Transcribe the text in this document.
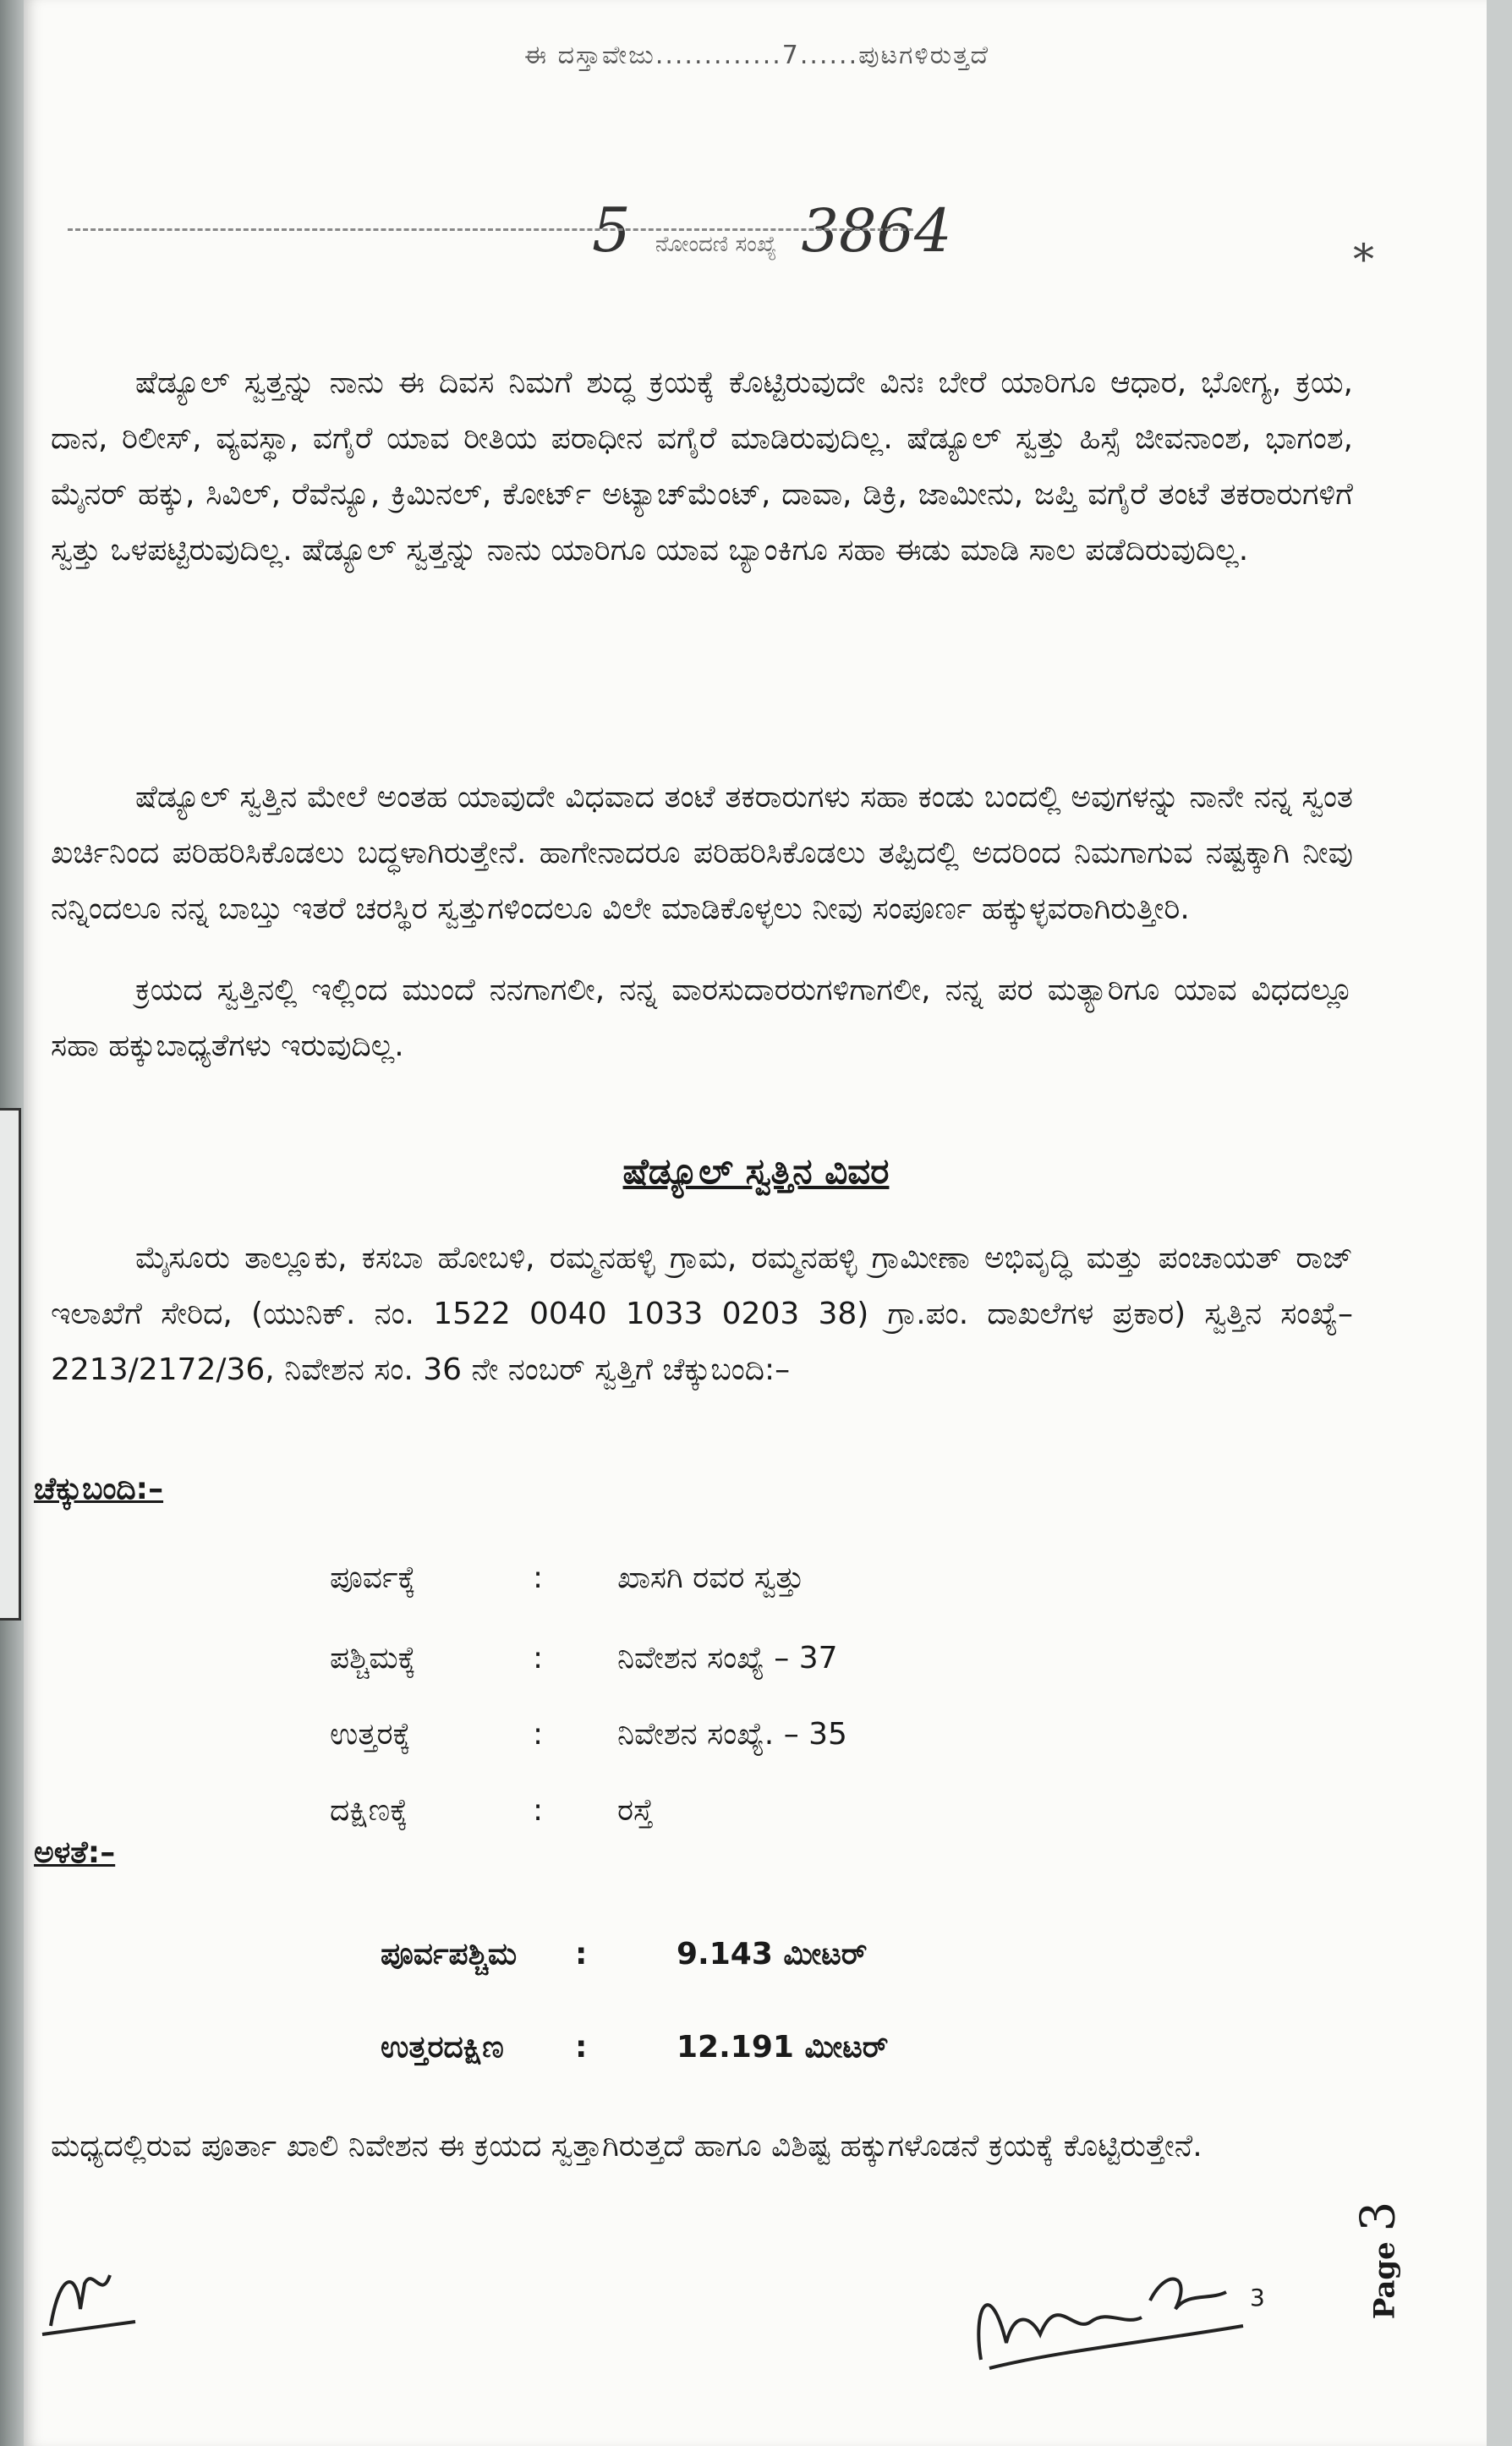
ಈ ದಸ್ತಾವೇಜು.............7......ಪುಟಗಳಿರುತ್ತದೆ
5 ನೋಂದಣಿ ಸಂಖ್ಯೆ 3864	*

ಷೆಡ್ಯೂಲ್ ಸ್ವತ್ತನ್ನು ನಾನು ಈ ದಿವಸ ನಿಮಗೆ ಶುದ್ಧ ಕ್ರಯಕ್ಕೆ ಕೊಟ್ಟಿರುವುದೇ ವಿನಃ ಬೇರೆ ಯಾರಿಗೂ ಆಧಾರ, ಭೋಗ್ಯ, ಕ್ರಯ, ದಾನ, ರಿಲೀಸ್, ವ್ಯವಸ್ಥಾ, ವಗೈರೆ ಯಾವ ರೀತಿಯ ಪರಾಧೀನ ವಗೈರೆ ಮಾಡಿರುವುದಿಲ್ಲ. ಷೆಡ್ಯೂಲ್ ಸ್ವತ್ತು ಹಿಸ್ಸೆ ಜೀವನಾಂಶ, ಭಾಗಂಶ, ಮೈನರ್ ಹಕ್ಕು, ಸಿವಿಲ್, ರೆವೆನ್ಯೂ, ಕ್ರಿಮಿನಲ್, ಕೋರ್ಟ್ ಅಟ್ಯಾಚ್‌ಮೆಂಟ್, ದಾವಾ, ಡಿಕ್ರಿ, ಜಾಮೀನು, ಜಪ್ತಿ ವಗೈರೆ ತಂಟೆ ತಕರಾರುಗಳಿಗೆ ಸ್ವತ್ತು ಒಳಪಟ್ಟಿರುವುದಿಲ್ಲ. ಷೆಡ್ಯೂಲ್ ಸ್ವತ್ತನ್ನು ನಾನು ಯಾರಿಗೂ ಯಾವ ಬ್ಯಾಂಕಿಗೂ ಸಹಾ ಈಡು ಮಾಡಿ ಸಾಲ ಪಡೆದಿರುವುದಿಲ್ಲ.

ಷೆಡ್ಯೂಲ್ ಸ್ವತ್ತಿನ ಮೇಲೆ ಅಂತಹ ಯಾವುದೇ ವಿಧವಾದ ತಂಟೆ ತಕರಾರುಗಳು ಸಹಾ ಕಂಡು ಬಂದಲ್ಲಿ ಅವುಗಳನ್ನು ನಾನೇ ನನ್ನ ಸ್ವಂತ ಖರ್ಚಿನಿಂದ ಪರಿಹರಿಸಿಕೊಡಲು ಬದ್ಧಳಾಗಿರುತ್ತೇನೆ. ಹಾಗೇನಾದರೂ ಪರಿಹರಿಸಿಕೊಡಲು ತಪ್ಪಿದಲ್ಲಿ ಅದರಿಂದ ನಿಮಗಾಗುವ ನಷ್ಟಕ್ಕಾಗಿ ನೀವು ನನ್ನಿಂದಲೂ ನನ್ನ ಬಾಬ್ತು ಇತರೆ ಚರಸ್ಥಿರ ಸ್ವತ್ತುಗಳಿಂದಲೂ ವಿಲೇ ಮಾಡಿಕೊಳ್ಳಲು ನೀವು ಸಂಪೂರ್ಣ ಹಕ್ಕುಳ್ಳವರಾಗಿರುತ್ತೀರಿ.

ಕ್ರಯದ ಸ್ವತ್ತಿನಲ್ಲಿ ಇಲ್ಲಿಂದ ಮುಂದೆ ನನಗಾಗಲೀ, ನನ್ನ ವಾರಸುದಾರರುಗಳಿಗಾಗಲೀ, ನನ್ನ ಪರ ಮತ್ಯಾರಿಗೂ ಯಾವ ವಿಧದಲ್ಲೂ ಸಹಾ ಹಕ್ಕುಬಾಧ್ಯತೆಗಳು ಇರುವುದಿಲ್ಲ.

ಷೆಡ್ಯೂಲ್ ಸ್ವತ್ತಿನ ವಿವರ

ಮೈಸೂರು ತಾಲ್ಲೂಕು, ಕಸಬಾ ಹೋಬಳಿ, ರಮ್ಮನಹಳ್ಳಿ ಗ್ರಾಮ, ರಮ್ಮನಹಳ್ಳಿ ಗ್ರಾಮೀಣಾ ಅಭಿವೃದ್ಧಿ ಮತ್ತು ಪಂಚಾಯತ್ ರಾಜ್ ಇಲಾಖೆಗೆ ಸೇರಿದ, (ಯುನಿಕ್. ನಂ. 1522 0040 1033 0203 38) ಗ್ರಾ.ಪಂ. ದಾಖಲೆಗಳ ಪ್ರಕಾರ) ಸ್ವತ್ತಿನ ಸಂಖ್ಯೆ– 2213/2172/36, ನಿವೇಶನ ಸಂ. 36 ನೇ ನಂಬರ್ ಸ್ವತ್ತಿಗೆ ಚೆಕ್ಕುಬಂದಿ:–

ಚೆಕ್ಕುಬಂದಿ:–
ಪೂರ್ವಕ್ಕೆ	: ಖಾಸಗಿ ರವರ ಸ್ವತ್ತು
ಪಶ್ಚಿಮಕ್ಕೆ	: ನಿವೇಶನ ಸಂಖ್ಯೆ – 37
ಉತ್ತರಕ್ಕೆ	: ನಿವೇಶನ ಸಂಖ್ಯೆ. – 35
ದಕ್ಷಿಣಕ್ಕೆ	: ರಸ್ತೆ
ಅಳತೆ:–
ಪೂರ್ವಪಶ್ಚಿಮ	:	9.143 ಮೀಟರ್
ಉತ್ತರದಕ್ಷಿಣ	:	12.191 ಮೀಟರ್

ಮಧ್ಯದಲ್ಲಿರುವ ಪೂರ್ತಾ ಖಾಲಿ ನಿವೇಶನ ಈ ಕ್ರಯದ ಸ್ವತ್ತಾಗಿರುತ್ತದೆ ಹಾಗೂ ವಿಶಿಷ್ಟ ಹಕ್ಕುಗಳೊಡನೆ ಕ್ರಯಕ್ಕೆ ಕೊಟ್ಟಿರುತ್ತೇನೆ.

Page 3
3
